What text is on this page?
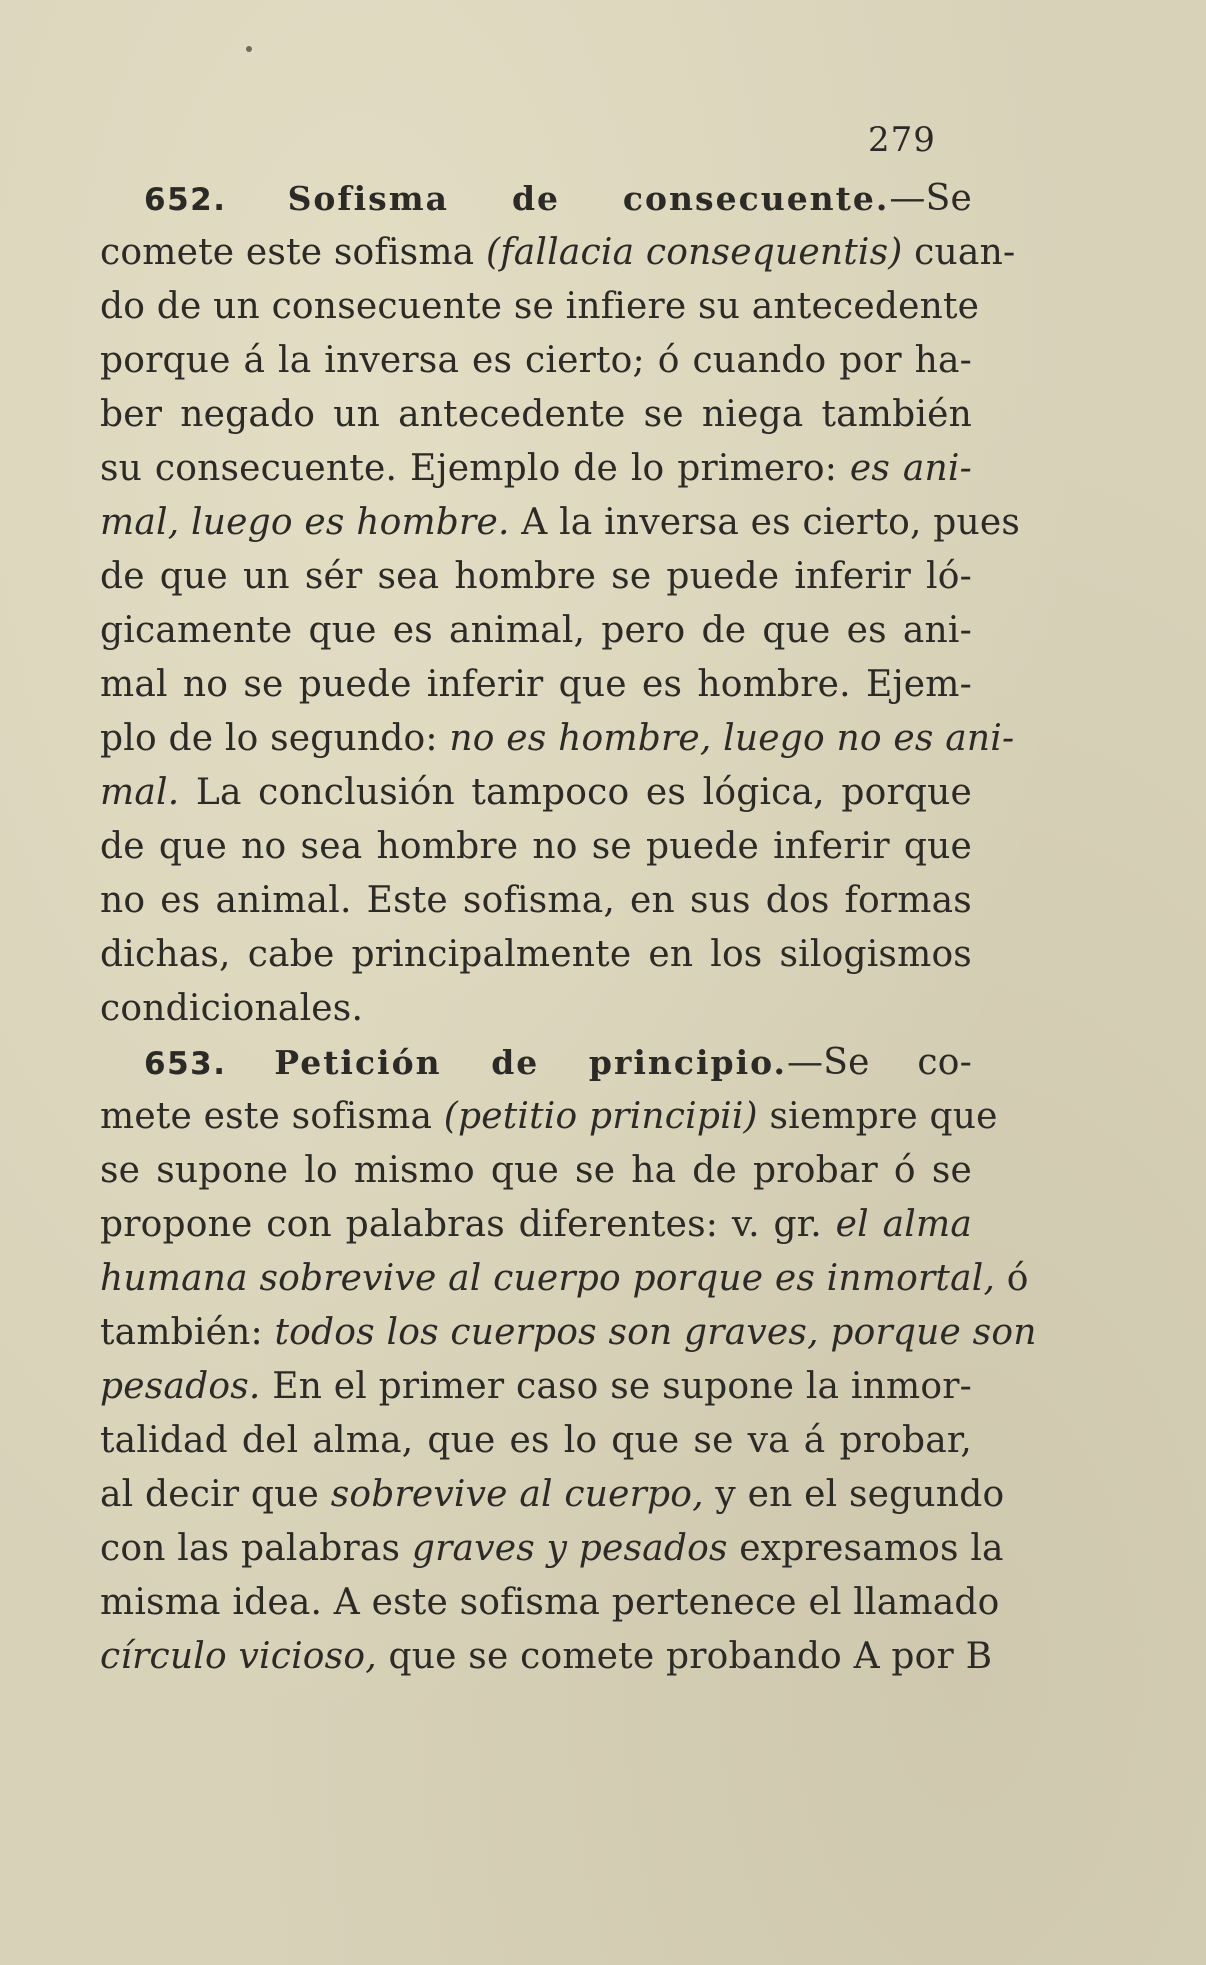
279
652. Sofisma de consecuente.—Se
comete este sofisma (fallacia consequentis) cuan-
do de un consecuente se infiere su antecedente
porque á la inversa es cierto; ó cuando por ha-
ber negado un antecedente se niega también
su consecuente. Ejemplo de lo primero: es ani-
mal, luego es hombre. A la inversa es cierto, pues
de que un sér sea hombre se puede inferir ló-
gicamente que es animal, pero de que es ani-
mal no se puede inferir que es hombre. Ejem-
plo de lo segundo: no es hombre, luego no es ani-
mal. La conclusión tampoco es lógica, porque
de que no sea hombre no se puede inferir que
no es animal. Este sofisma, en sus dos formas
dichas, cabe principalmente en los silogismos
condicionales.
653. Petición de principio.—Se co-
mete este sofisma (petitio principii) siempre que
se supone lo mismo que se ha de probar ó se
propone con palabras diferentes: v. gr. el alma
humana sobrevive al cuerpo porque es inmortal, ó
también: todos los cuerpos son graves, porque son
pesados. En el primer caso se supone la inmor-
talidad del alma, que es lo que se va á probar,
al decir que sobrevive al cuerpo, y en el segundo
con las palabras graves y pesados expresamos la
misma idea. A este sofisma pertenece el llamado
círculo vicioso, que se comete probando A por B
